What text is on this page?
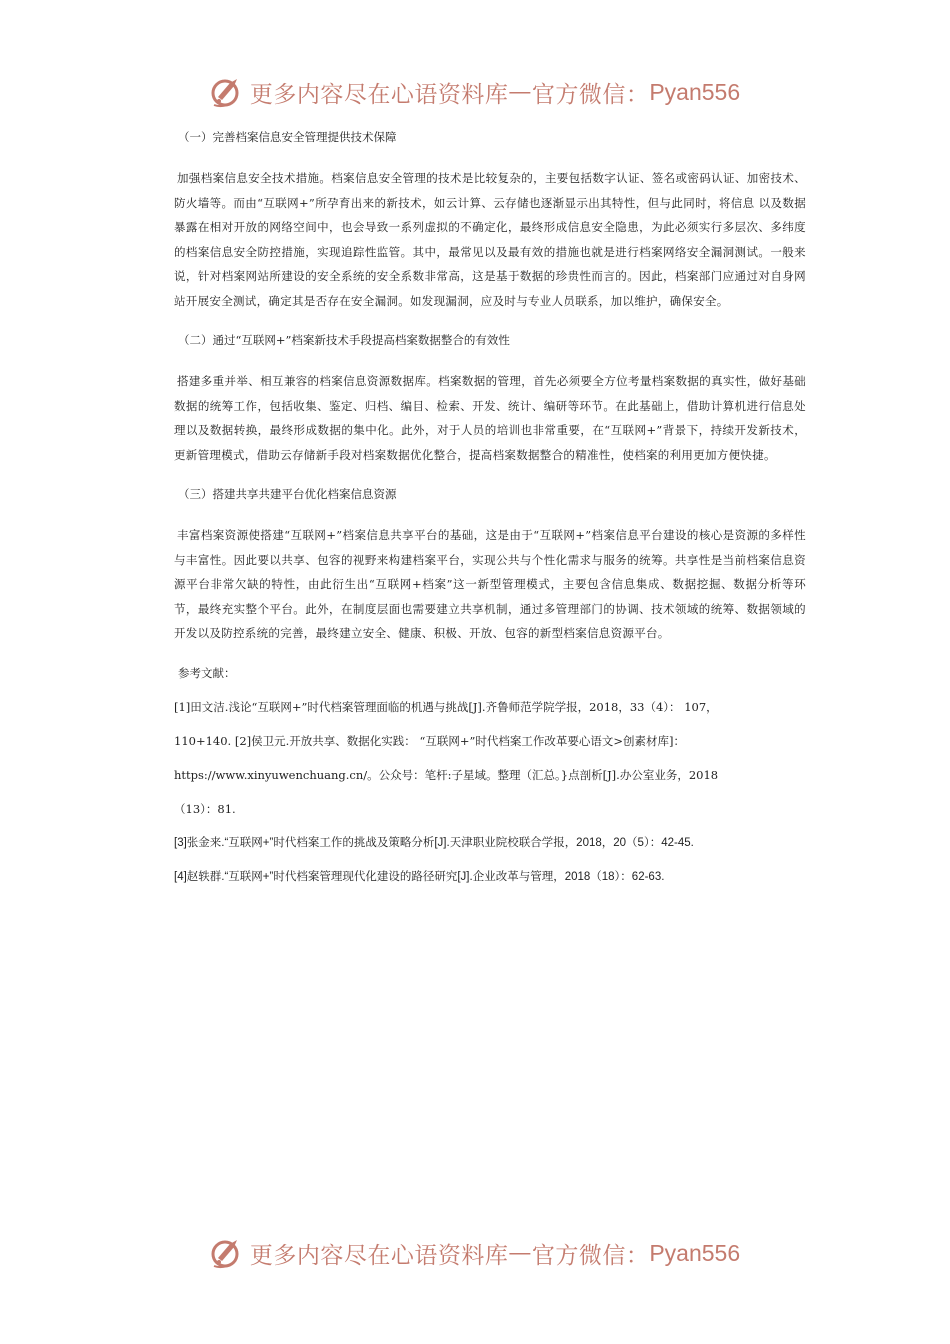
更多内容尽在心语资料库 — 官方微信： Pyan556
（一）完善档案信息安全管理提供技术保障

加强档案信息安全技术措施。档案信息安全管理的技术是比较复杂的，主要包括数字认证、签名或密码认证、加密技术、防火墙等。而由“互联网+”所孕育出来的新技术，如云计算、云存储也逐渐显示出其特性，但与此同时，将信息 以及数据暴露在相对开放的网络空间中，也会导致一系列虚拟的不确定化，最终形成信息安全隐患，为此必须实行多层次、多纬度的档案信息安全防控措施，实现追踪性监管。其中，最常见以及最有效的措施也就是进行档案网络安全漏洞测试。一般来说，针对档案网站所建设的安全系统的安全系数非常高，这是基于数据的珍贵性而言的。因此，档案部门应通过对自身网站开展安全测试，确定其是否存在安全漏洞。如发现漏洞，应及时与专业人员联系，加以维护，确保安全。

（二）通过“互联网+”档案新技术手段提高档案数据整合的有效性

搭建多重并举、相互兼容的档案信息资源数据库。档案数据的管理，首先必须要全方位考量档案数据的真实性，做好基础数据的统筹工作，包括收集、鉴定、归档、编目、检索、开发、统计、编研等环节。在此基础上，借助计算机进行信息处理以及数据转换，最终形成数据的集中化。此外，对于人员的培训也非常重要，在“互联网+”背景下，持续开发新技术，更新管理模式，借助云存储新手段对档案数据优化整合，提高档案数据整合的精准性，使档案的利用更加方便快捷。

（三）搭建共享共建平台优化档案信息资源

丰富档案资源使搭建“互联网+”档案信息共享平台的基础，这是由于“互联网+”档案信息平台建设的核心是资源的多样性与丰富性。因此要以共享、包容的视野来构建档案平台，实现公共与个性化需求与服务的统筹。共享性是当前档案信息资源平台非常欠缺的特性，由此衍生出“互联网+档案”这一新型管理模式，主要包含信息集成、数据挖掘、数据分析等环节，最终充实整个平台。此外，在制度层面也需要建立共享机制，通过多管理部门的协调、技术领域的统筹、数据领域的开发以及防控系统的完善，最终建立安全、健康、积极、开放、包容的新型档案信息资源平台。

参考文献：
[1]田文洁.浅论“互联网+”时代档案管理面临的机遇与挑战[J].齐鲁师范学院学报，2018，33（4）： 107，
110+140. [2]侯卫元.开放共享、数据化实践： “互联网+”时代档案工作改革要心语文>创素材库]：
https://www.xinyuwenchuang.cn/。公众号：笔杆:子星域。整理（汇总。}点剖析[J].办公室业务，2018
（13）：81.
[3]张金来.“互联网+”时代档案工作的挑战及策略分析[J].天津职业院校联合学报，2018，20（5）：42-45.
[4]赵轶群.“互联网+”时代档案管理现代化建设的路径研究[J].企业改革与管理，2018（18）：62-63.
更多内容尽在心语资料库 — 官方微信： Pyan556
